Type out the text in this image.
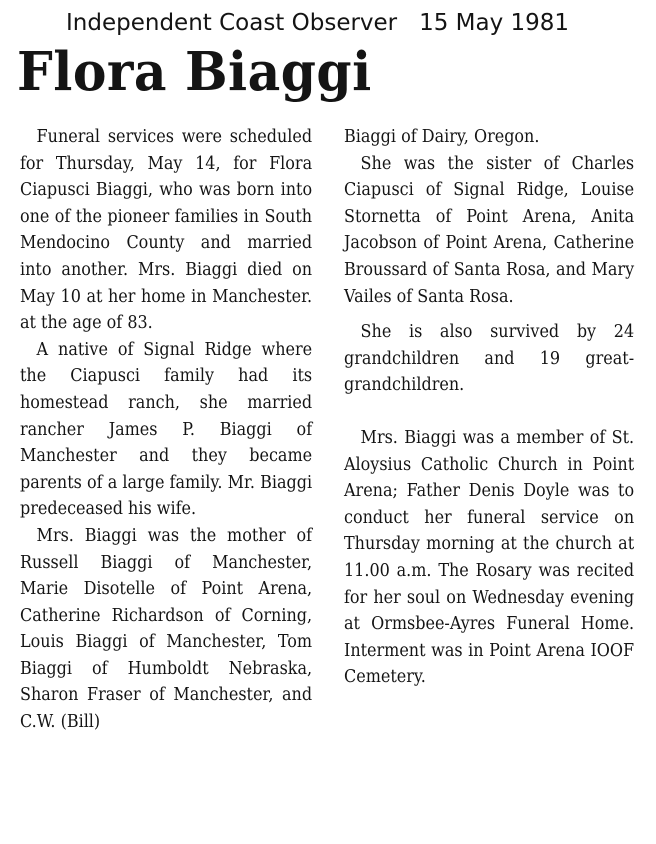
Independent Coast Observer 15 May 1981
Flora Biaggi

Funeral services were scheduled for Thursday, May 14, for Flora Ciapusci Biaggi, who was born into one of the pioneer families in South Mendocino County and married into another. Mrs. Biaggi died on May 10 at her home in Manchester. at the age of 83.

A native of Signal Ridge where the Ciapusci family had its homestead ranch, she married rancher James P. Biaggi of Manchester and they became parents of a large family. Mr. Biaggi predeceased his wife.

Mrs. Biaggi was the mother of Russell Biaggi of Manchester, Marie Disotelle of Point Arena, Catherine Richardson of Corning, Louis Biaggi of Manchester, Tom Biaggi of Humboldt Nebraska, Sharon Fraser of Manchester, and C.W. (Bill)

Biaggi of Dairy, Oregon.

She was the sister of Charles Ciapusci of Signal Ridge, Louise Stornetta of Point Arena, Anita Jacobson of Point Arena, Catherine Broussard of Santa Rosa, and Mary Vailes of Santa Rosa.

She is also survived by 24 grandchildren and 19 great-grandchildren.

Mrs. Biaggi was a member of St. Aloysius Catholic Church in Point Arena; Father Denis Doyle was to conduct her funeral service on Thursday morning at the church at 11.00 a.m. The Rosary was recited for her soul on Wednesday evening at Ormsbee-Ayres Funeral Home. Interment was in Point Arena IOOF Cemetery.
